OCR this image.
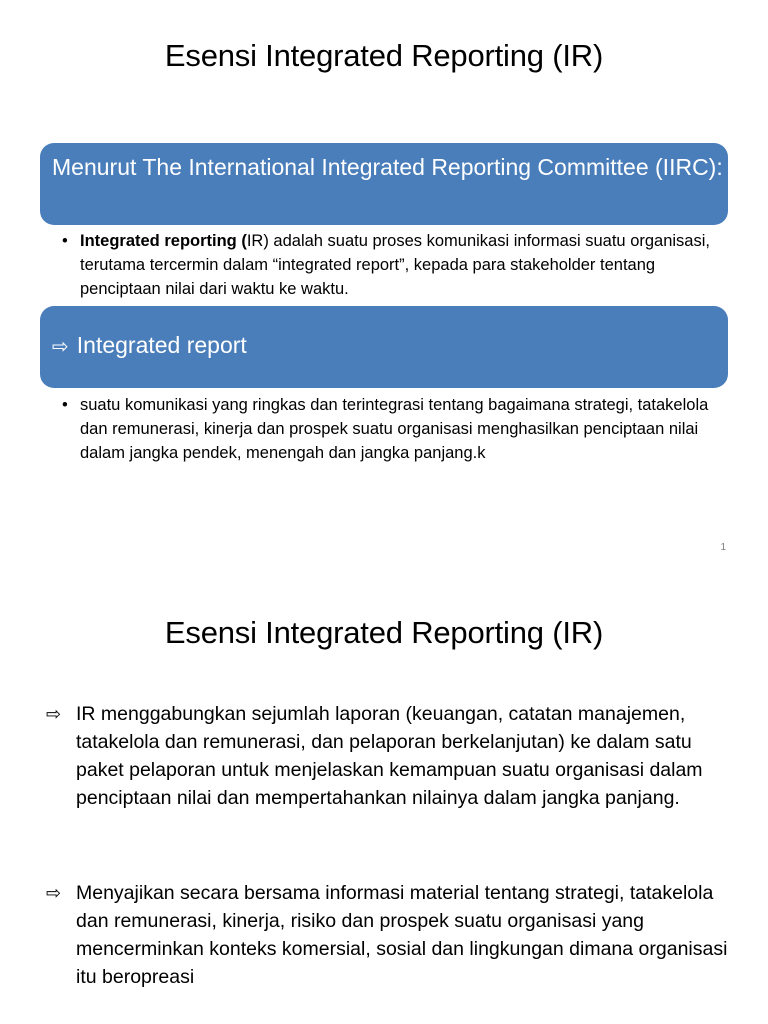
Esensi Integrated Reporting (IR)
Menurut The International Integrated Reporting Committee (IIRC):
• Integrated reporting (IR) adalah suatu proses komunikasi informasi suatu organisasi, terutama tercermin dalam “integrated report”, kepada para stakeholder tentang penciptaan nilai dari waktu ke waktu.
⇨ Integrated report
• suatu komunikasi yang ringkas dan terintegrasi tentang bagaimana strategi, tatakelola dan remunerasi, kinerja dan prospek suatu organisasi menghasilkan penciptaan nilai dalam jangka pendek, menengah dan jangka panjang.k
1
Esensi Integrated Reporting (IR)
⇨ IR menggabungkan sejumlah laporan (keuangan, catatan manajemen, tatakelola dan remunerasi, dan pelaporan berkelanjutan) ke dalam satu paket pelaporan untuk menjelaskan kemampuan suatu organisasi dalam penciptaan nilai dan mempertahankan nilainya dalam jangka panjang.
⇨ Menyajikan secara bersama informasi material tentang strategi, tatakelola dan remunerasi, kinerja, risiko dan prospek suatu organisasi yang mencerminkan konteks komersial, sosial dan lingkungan dimana organisasi itu beropreasi
